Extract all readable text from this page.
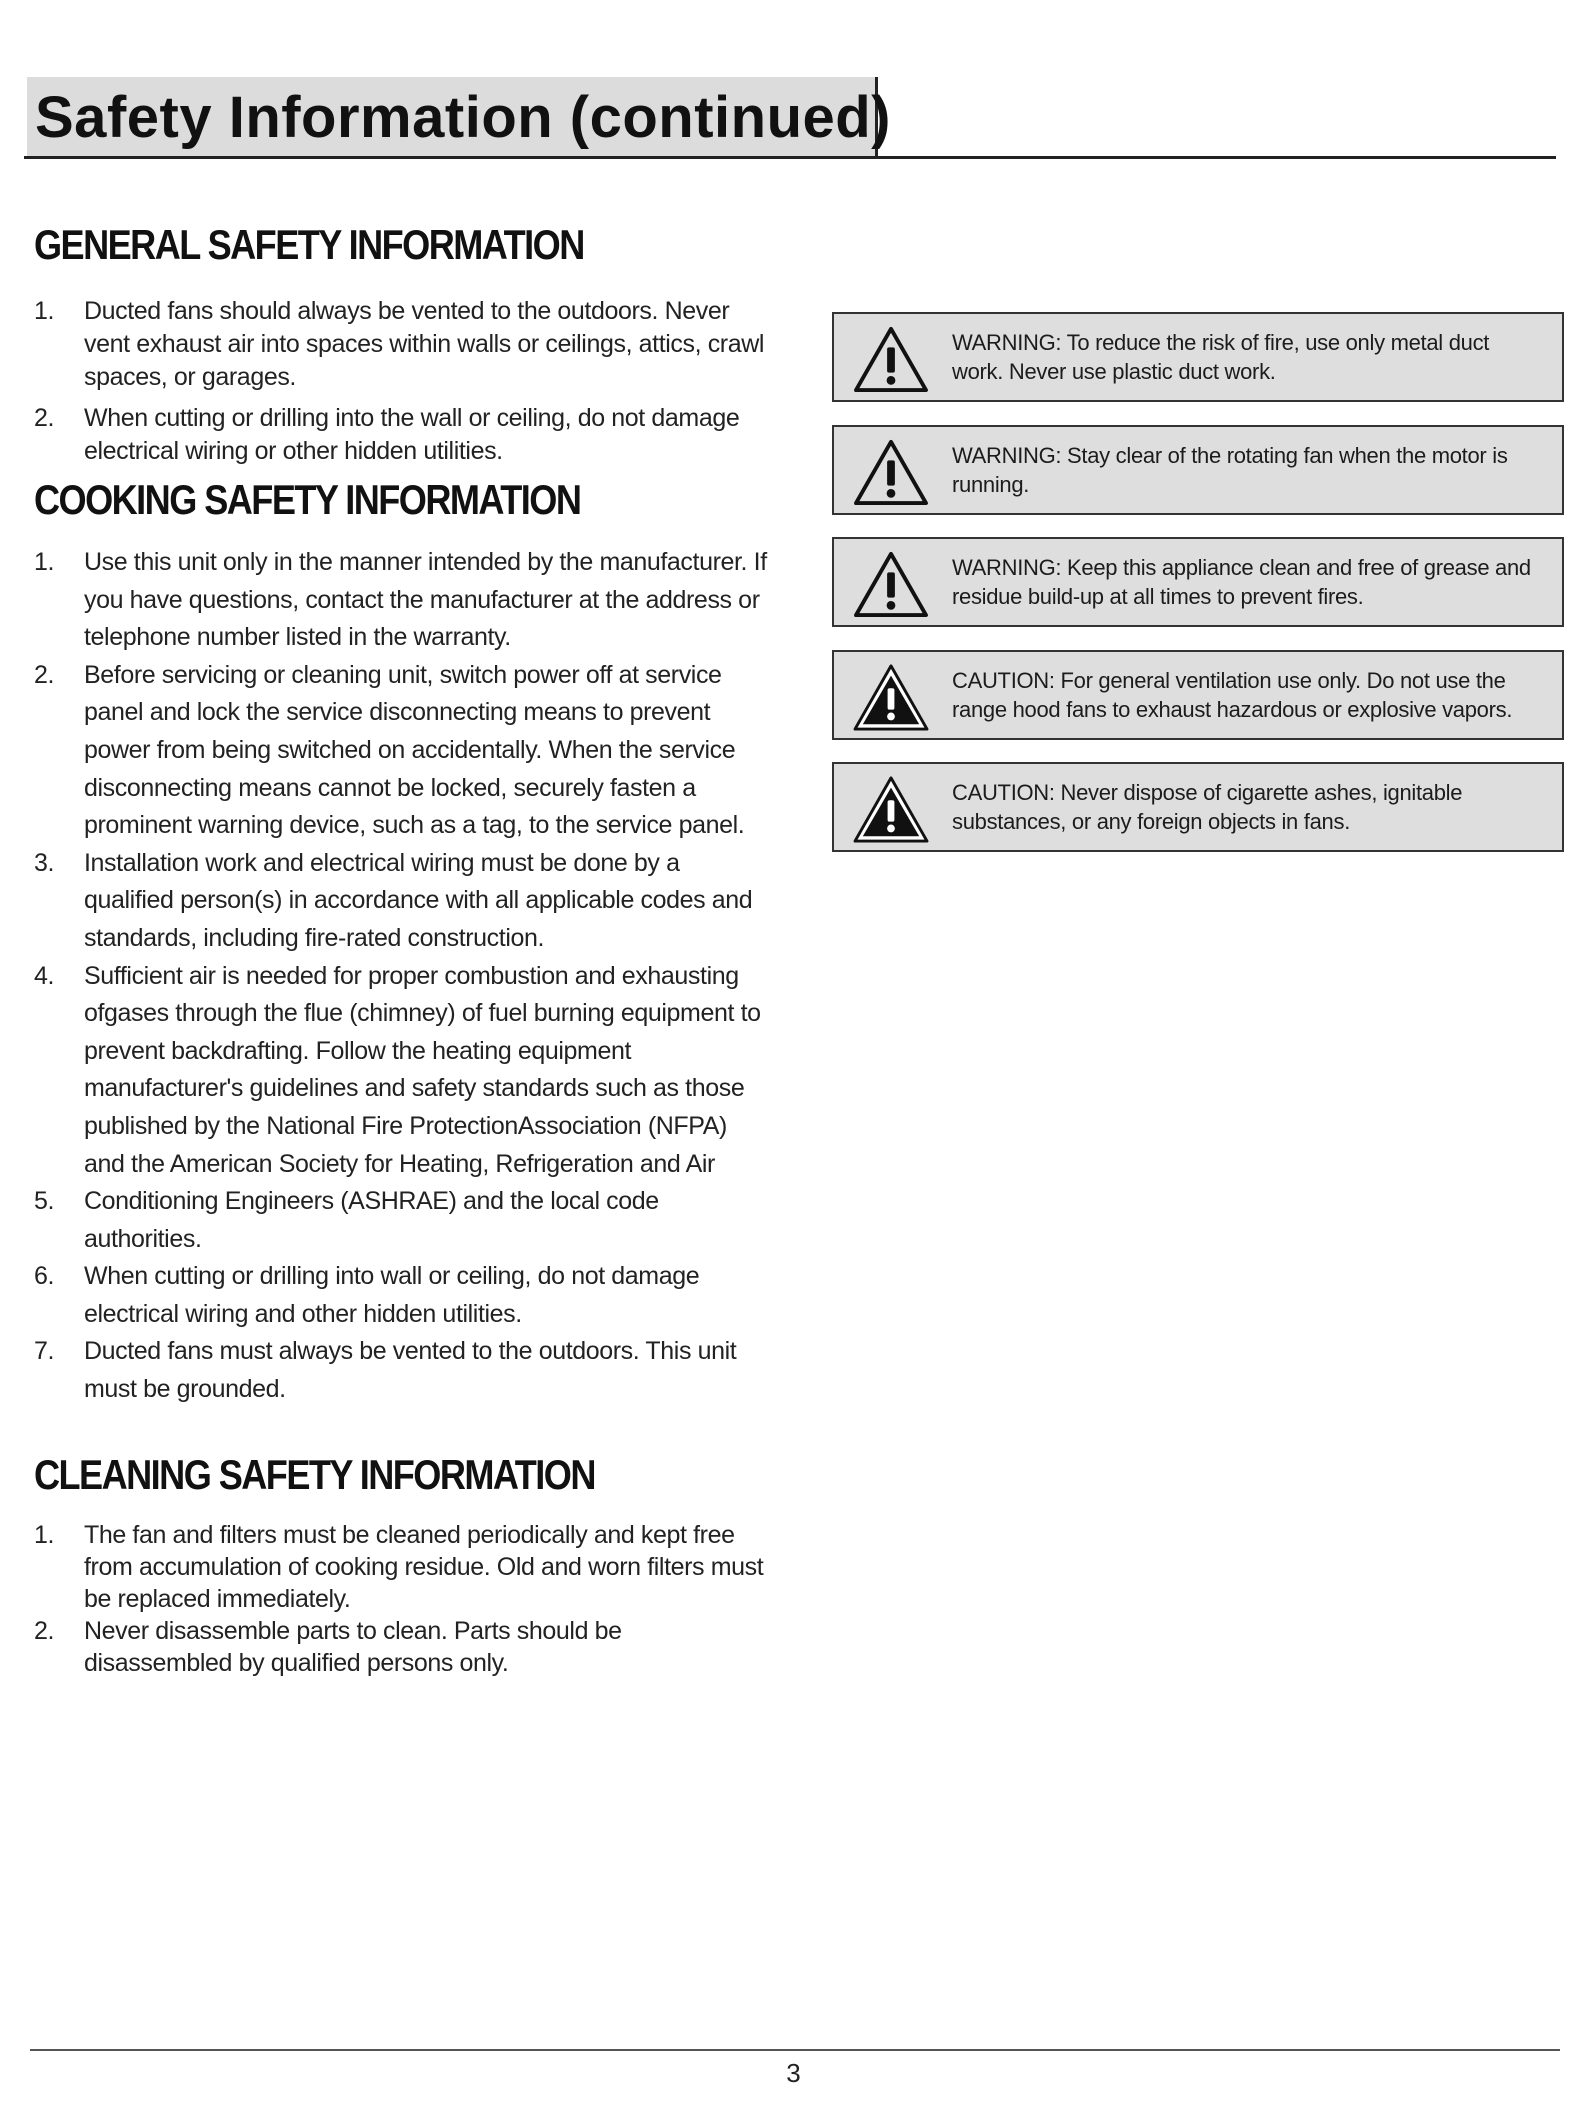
Safety Information (continued)
GENERAL SAFETY INFORMATION
1. Ducted fans should always be vented to the outdoors. Never vent exhaust air into spaces within walls or ceilings, attics, crawl spaces, or garages.
2. When cutting or drilling into the wall or ceiling, do not damage electrical wiring or other hidden utilities.
COOKING SAFETY INFORMATION
1. Use this unit only in the manner intended by the manufacturer. If you have questions, contact the manufacturer at the address or telephone number listed in the warranty.
2. Before servicing or cleaning unit, switch power off at service panel and lock the service disconnecting means to prevent power from being switched on accidentally. When the service disconnecting means cannot be locked, securely fasten a prominent warning device, such as a tag, to the service panel.
3. Installation work and electrical wiring must be done by a qualified person(s) in accordance with all applicable codes and standards, including fire-rated construction.
4. Sufficient air is needed for proper combustion and exhausting ofgases through the flue (chimney) of fuel burning equipment to prevent backdrafting. Follow the heating equipment manufacturer's guidelines and safety standards such as those published by the National Fire ProtectionAssociation (NFPA) and the American Society for Heating, Refrigeration and Air
5. Conditioning Engineers (ASHRAE) and the local code authorities.
6. When cutting or drilling into wall or ceiling, do not damage electrical wiring and other hidden utilities.
7. Ducted fans must always be vented to the outdoors. This unit must be grounded.
CLEANING SAFETY INFORMATION
1. The fan and filters must be cleaned periodically and kept free from accumulation of cooking residue. Old and worn filters must be replaced immediately.
2. Never disassemble parts to clean. Parts should be disassembled by qualified persons only.
WARNING: To reduce the risk of fire, use only metal duct work. Never use plastic duct work.
WARNING: Stay clear of the rotating fan when the motor is running.
WARNING: Keep this appliance clean and free of grease and residue build-up at all times to prevent fires.
CAUTION: For general ventilation use only. Do not use the range hood fans to exhaust hazardous or explosive vapors.
CAUTION: Never dispose of cigarette ashes, ignitable substances, or any foreign objects in fans.
3
